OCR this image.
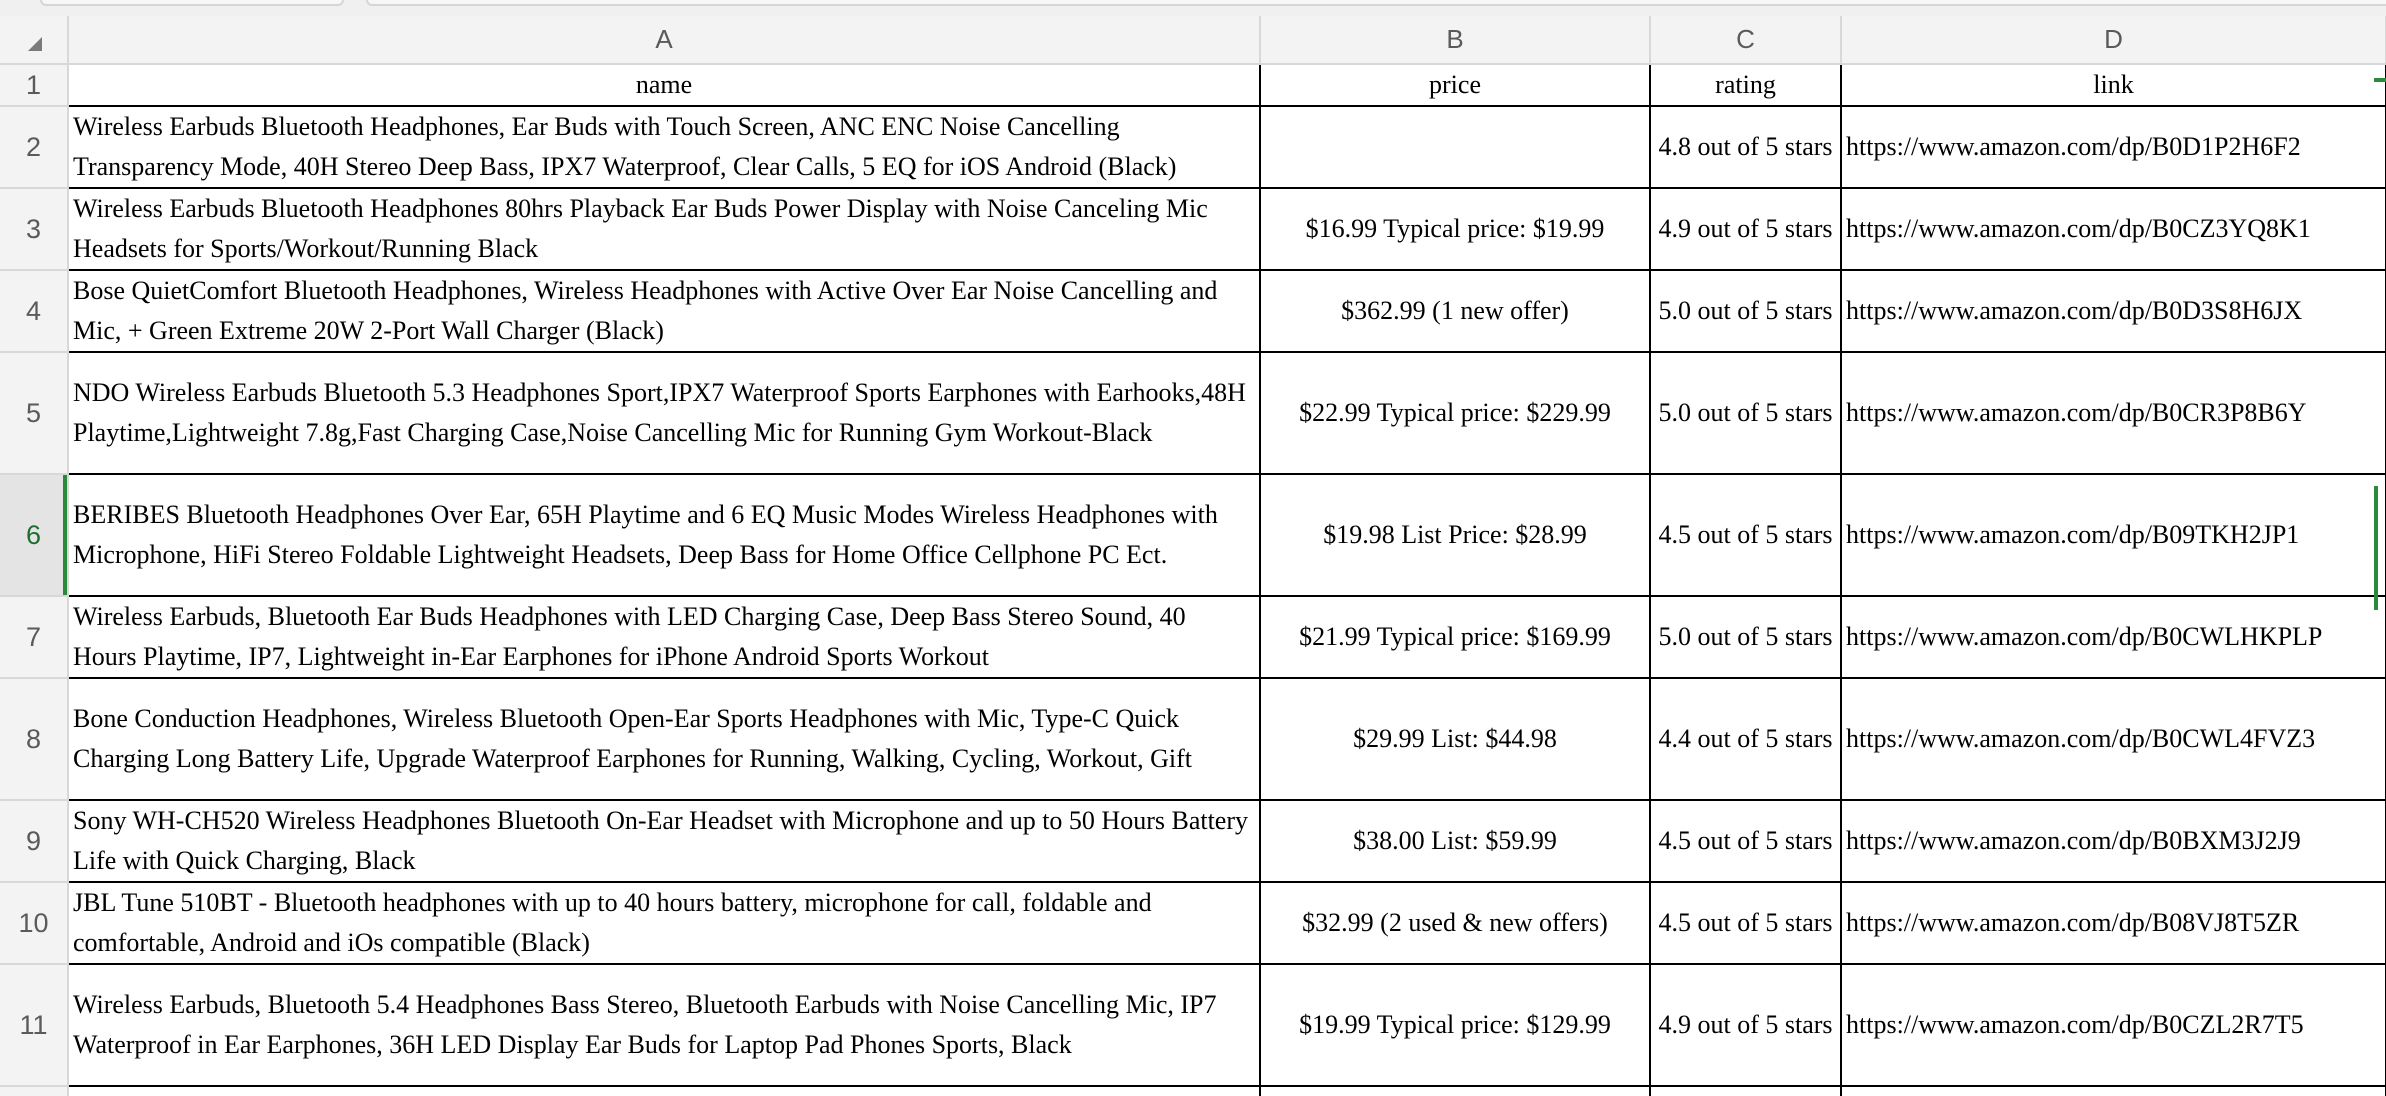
	A	B	C	D
1	name	price	rating	link
2	Wireless Earbuds Bluetooth Headphones, Ear Buds with Touch Screen, ANC ENC Noise Cancelling Transparency Mode, 40H Stereo Deep Bass, IPX7 Waterproof, Clear Calls, 5 EQ for iOS Android (Black)		4.8 out of 5 stars	https://www.amazon.com/dp/B0D1P2H6F2
3	Wireless Earbuds Bluetooth Headphones 80hrs Playback Ear Buds Power Display with Noise Canceling Mic Headsets for Sports/Workout/Running Black	$16.99 Typical price: $19.99	4.9 out of 5 stars	https://www.amazon.com/dp/B0CZ3YQ8K1
4	Bose QuietComfort Bluetooth Headphones, Wireless Headphones with Active Over Ear Noise Cancelling and Mic, + Green Extreme 20W 2-Port Wall Charger (Black)	$362.99 (1 new offer)	5.0 out of 5 stars	https://www.amazon.com/dp/B0D3S8H6JX
5	NDO Wireless Earbuds Bluetooth 5.3 Headphones Sport,IPX7 Waterproof Sports Earphones with Earhooks,48H Playtime,Lightweight 7.8g,Fast Charging Case,Noise Cancelling Mic for Running Gym Workout-Black	$22.99 Typical price: $229.99	5.0 out of 5 stars	https://www.amazon.com/dp/B0CR3P8B6Y
6	BERIBES Bluetooth Headphones Over Ear, 65H Playtime and 6 EQ Music Modes Wireless Headphones with Microphone, HiFi Stereo Foldable Lightweight Headsets, Deep Bass for Home Office Cellphone PC Ect.	$19.98 List Price: $28.99	4.5 out of 5 stars	https://www.amazon.com/dp/B09TKH2JP1
7	Wireless Earbuds, Bluetooth Ear Buds Headphones with LED Charging Case, Deep Bass Stereo Sound, 40 Hours Playtime, IP7, Lightweight in-Ear Earphones for iPhone Android Sports Workout	$21.99 Typical price: $169.99	5.0 out of 5 stars	https://www.amazon.com/dp/B0CWLHKPLP
8	Bone Conduction Headphones, Wireless Bluetooth Open-Ear Sports Headphones with Mic, Type-C Quick Charging Long Battery Life, Upgrade Waterproof Earphones for Running, Walking, Cycling, Workout, Gift	$29.99 List: $44.98	4.4 out of 5 stars	https://www.amazon.com/dp/B0CWL4FVZ3
9	Sony WH-CH520 Wireless Headphones Bluetooth On-Ear Headset with Microphone and up to 50 Hours Battery Life with Quick Charging, Black	$38.00 List: $59.99	4.5 out of 5 stars	https://www.amazon.com/dp/B0BXM3J2J9
10	JBL Tune 510BT - Bluetooth headphones with up to 40 hours battery, microphone for call, foldable and comfortable, Android and iOs compatible (Black)	$32.99 (2 used & new offers)	4.5 out of 5 stars	https://www.amazon.com/dp/B08VJ8T5ZR
11	Wireless Earbuds, Bluetooth 5.4 Headphones Bass Stereo, Bluetooth Earbuds with Noise Cancelling Mic, IP7 Waterproof in Ear Earphones, 36H LED Display Ear Buds for Laptop Pad Phones Sports, Black	$19.99 Typical price: $129.99	4.9 out of 5 stars	https://www.amazon.com/dp/B0CZL2R7T5
